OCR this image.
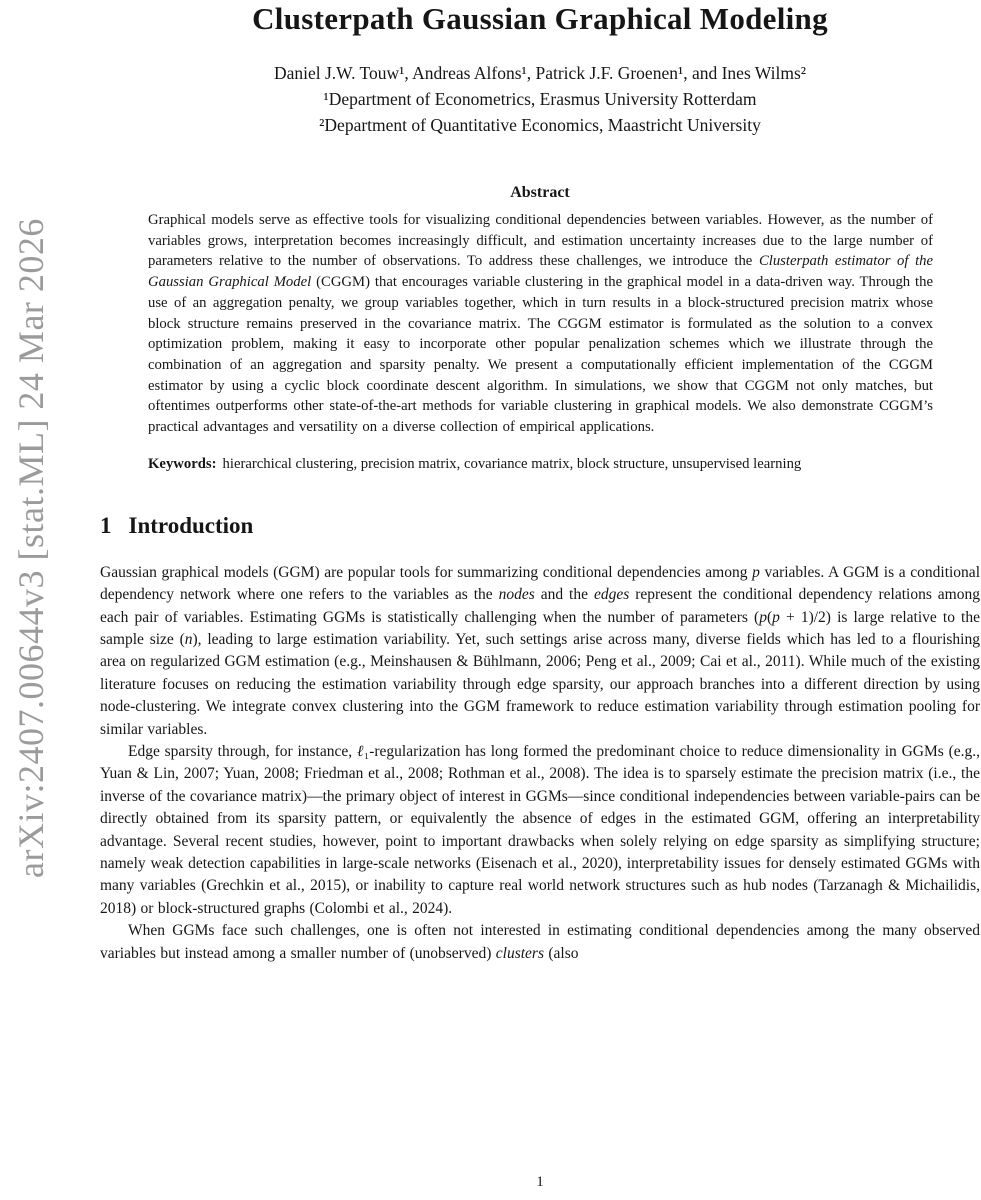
arXiv:2407.00644v3 [stat.ML] 24 Mar 2026
Clusterpath Gaussian Graphical Modeling
Daniel J.W. Touw¹, Andreas Alfons¹, Patrick J.F. Groenen¹, and Ines Wilms²
¹Department of Econometrics, Erasmus University Rotterdam
²Department of Quantitative Economics, Maastricht University
Abstract

Graphical models serve as effective tools for visualizing conditional dependencies between variables. However, as the number of variables grows, interpretation becomes increasingly difficult, and estimation uncertainty increases due to the large number of parameters relative to the number of observations. To address these challenges, we introduce the Clusterpath estimator of the Gaussian Graphical Model (CGGM) that encourages variable clustering in the graphical model in a data-driven way. Through the use of an aggregation penalty, we group variables together, which in turn results in a block-structured precision matrix whose block structure remains preserved in the covariance matrix. The CGGM estimator is formulated as the solution to a convex optimization problem, making it easy to incorporate other popular penalization schemes which we illustrate through the combination of an aggregation and sparsity penalty. We present a computationally efficient implementation of the CGGM estimator by using a cyclic block coordinate descent algorithm. In simulations, we show that CGGM not only matches, but oftentimes outperforms other state-of-the-art methods for variable clustering in graphical models. We also demonstrate CGGM’s practical advantages and versatility on a diverse collection of empirical applications.

Keywords: hierarchical clustering, precision matrix, covariance matrix, block structure, unsupervised learning

1 Introduction

Gaussian graphical models (GGM) are popular tools for summarizing conditional dependencies among p variables. A GGM is a conditional dependency network where one refers to the variables as the nodes and the edges represent the conditional dependency relations among each pair of variables. Estimating GGMs is statistically challenging when the number of parameters (p(p + 1)/2) is large relative to the sample size (n), leading to large estimation variability. Yet, such settings arise across many, diverse fields which has led to a flourishing area on regularized GGM estimation (e.g., Meinshausen & Bühlmann, 2006; Peng et al., 2009; Cai et al., 2011). While much of the existing literature focuses on reducing the estimation variability through edge sparsity, our approach branches into a different direction by using node-clustering. We integrate convex clustering into the GGM framework to reduce estimation variability through estimation pooling for similar variables.

Edge sparsity through, for instance, ℓ₁-regularization has long formed the predominant choice to reduce dimensionality in GGMs (e.g., Yuan & Lin, 2007; Yuan, 2008; Friedman et al., 2008; Rothman et al., 2008). The idea is to sparsely estimate the precision matrix (i.e., the inverse of the covariance matrix)—the primary object of interest in GGMs—since conditional independencies between variable-pairs can be directly obtained from its sparsity pattern, or equivalently the absence of edges in the estimated GGM, offering an interpretability advantage. Several recent studies, however, point to important drawbacks when solely relying on edge sparsity as simplifying structure; namely weak detection capabilities in large-scale networks (Eisenach et al., 2020), interpretability issues for densely estimated GGMs with many variables (Grechkin et al., 2015), or inability to capture real world network structures such as hub nodes (Tarzanagh & Michailidis, 2018) or block-structured graphs (Colombi et al., 2024).

When GGMs face such challenges, one is often not interested in estimating conditional dependencies among the many observed variables but instead among a smaller number of (unobserved) clusters (also

1
